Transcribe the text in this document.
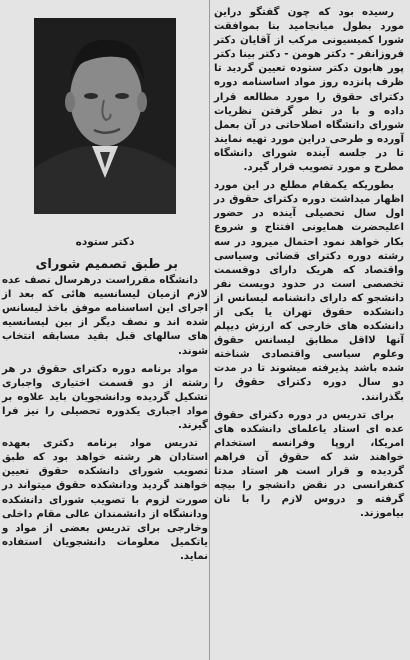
دکتر ستوده

رسیده بود که چون گفتگو دراین مورد بطول میانجامید بنا بموافقت شورا کمیسیونی مرکب از آقایان دکتر فروزانفر - دکتر هومن - دکتر بینا دکتر پور هابون دکتر ستوده تعیین گردید تا ظرف پانزده روز مواد اساسنامه دوره دکترای حقوق را مورد مطالعه قرار داده و با در نظر گرفتن نظریات شورای دانشگاه اصلاحاتی در آن بعمل آورده و طرحی دراین مورد تهیه نمایند تا در جلسه آینده شورای دانشگاه مطرح و مورد تصویب قرار گیرد.

بطوریکه یکمقام مطلع در این مورد اظهار میداشت دوره دکترای حقوق در اول سال تحصیلی آینده در حضور اعلیحضرت همایونی افتتاح و شروع بکار خواهد نمود احتمال میرود در سه رشته دوره دکترای قضائی وسیاسی واقتصاد که هریک دارای دوقسمت تخصصی است در حدود دویست نفر دانشجو که دارای دانشنامه لیسانس از دانشکده حقوق تهران یا یکی از دانشکده های خارجی که ارزش دیپلم آنها لااقل مطابق لیسانس حقوق وعلوم سیاسی واقتصادی شناخته شده باشد پذیرفته میشوند تا در مدت دو سال دوره دکترای حقوق را بگذرانند.

برای تدریس در دوره دکترای حقوق عده ای استاد یاعلمای دانشکده های امریکا، اروپا وفرانسه استخدام خواهند شد که حقوق آن فراهم گردیده و قرار است هر استاد مدتا کنفرانسی در نقض دانشجو را بیچه گرفته و دروس لازم را با نان بیاموزند.

بر طبق تصمیم شورای

دانشگاه مقرراست درهرسال نصف عده لازم ازمیان لیسانسیه هائی که بعد از اجرای این اساسنامه موفق باخذ لیسانس شده اند و نصف دیگر از بین لیسانسیه های سالهای قبل بقید مسابقه انتخاب شوند.

مواد برنامه دوره دکترای حقوق در هر رشته از دو قسمت اختیاری واجباری تشکیل گردیده ودانشجویان باید علاوه بر مواد اجباری یکدوره تحصیلی را نیز فرا گیرند.

تدریس مواد برنامه دکتری بعهده استادان هر رشته خواهد بود که طبق تصویب شورای دانشکده حقوق تعیین خواهند گردید ودانشکده حقوق میتواند در صورت لزوم با تصویب شورای دانشکده ودانشگاه از دانشمندان عالی مقام داخلی وخارجی برای تدریس بعضی از مواد و یاتکمیل معلومات دانشجویان استفاده نماید.
